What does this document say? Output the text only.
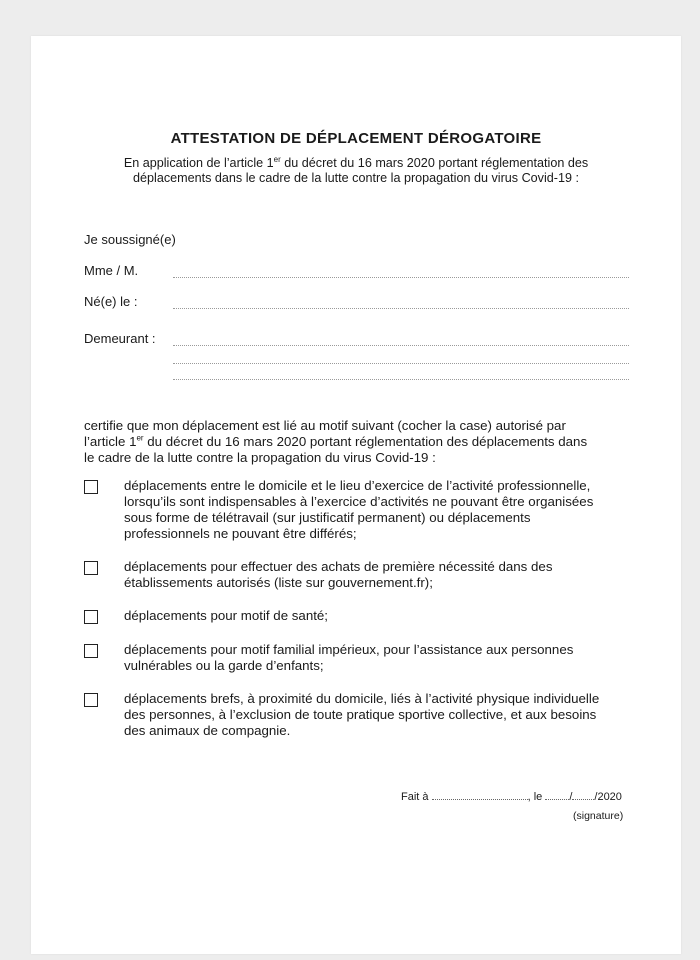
ATTESTATION DE DÉPLACEMENT DÉROGATOIRE

En application de l’article 1er du décret du 16 mars 2020 portant réglementation des

déplacements dans le cadre de la lutte contre la propagation du virus Covid-19 :

Je soussigné(e)
Mme / M.
Né(e) le :
Demeurant :

certifie que mon déplacement est lié au motif suivant (cocher la case) autorisé par

l’article 1er du décret du 16 mars 2020 portant réglementation des déplacements dans

le cadre de la lutte contre la propagation du virus Covid-19 :

déplacements entre le domicile et le lieu d’exercice de l’activité professionnelle,

lorsqu’ils sont indispensables à l’exercice d’activités ne pouvant être organisées

sous forme de télétravail (sur justificatif permanent) ou déplacements

professionnels ne pouvant être différés;

déplacements pour effectuer des achats de première nécessité dans des

établissements autorisés (liste sur gouvernement.fr);

déplacements pour motif de santé;

déplacements pour motif familial impérieux, pour l’assistance aux personnes

vulnérables ou la garde d’enfants;

déplacements brefs, à proximité du domicile, liés à l’activité physique individuelle

des personnes, à l’exclusion de toute pratique sportive collective, et aux besoins

des animaux de compagnie.

Fait à	, le / /2020
(signature)
